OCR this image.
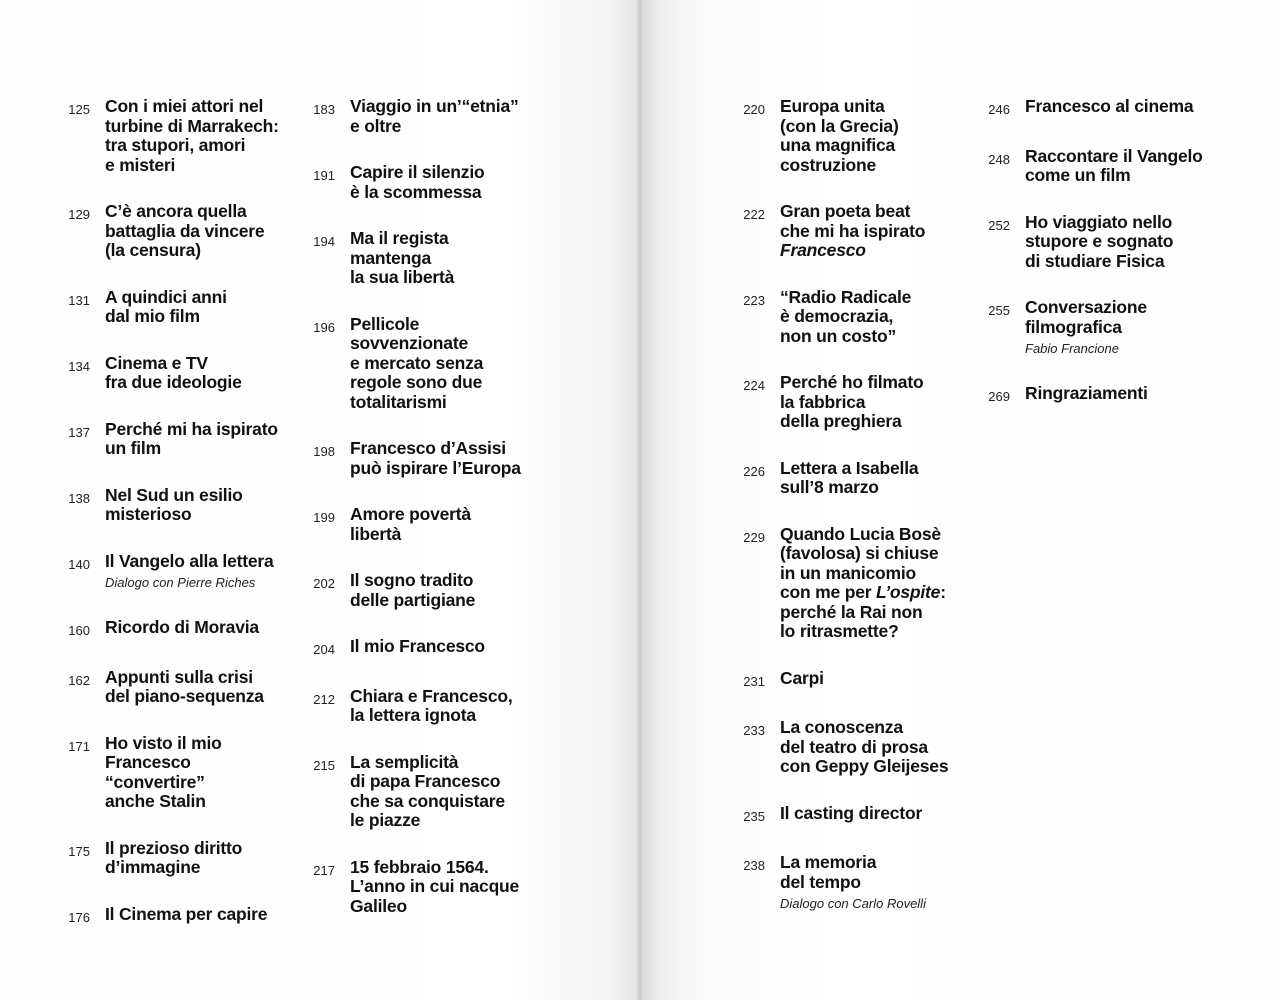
125 Con i miei attori nel
turbine di Marrakech:
tra stupori, amori
e misteri
129 C’è ancora quella
battaglia da vincere
(la censura)
131 A quindici anni
dal mio film
134 Cinema e TV
fra due ideologie
137 Perché mi ha ispirato
un film
138 Nel Sud un esilio
misterioso
140 Il Vangelo alla lettera
Dialogo con Pierre Riches
160 Ricordo di Moravia
162 Appunti sulla crisi
del piano-sequenza
171 Ho visto il mio
Francesco
“convertire”
anche Stalin
175 Il prezioso diritto
d’immagine
176 Il Cinema per capire
183 Viaggio in un’“etnia”
e oltre
191 Capire il silenzio
è la scommessa
194 Ma il regista
mantenga
la sua libertà
196 Pellicole
sovvenzionate
e mercato senza
regole sono due
totalitarismi
198 Francesco d’Assisi
può ispirare l’Europa
199 Amore povertà
libertà
202 Il sogno tradito
delle partigiane
204 Il mio Francesco
212 Chiara e Francesco,
la lettera ignota
215 La semplicità
di papa Francesco
che sa conquistare
le piazze
217 15 febbraio 1564.
L’anno in cui nacque
Galileo
220 Europa unita
(con la Grecia)
una magnifica
costruzione
222 Gran poeta beat
che mi ha ispirato
Francesco
223 “Radio Radicale
è democrazia,
non un costo”
224 Perché ho filmato
la fabbrica
della preghiera
226 Lettera a Isabella
sull’8 marzo
229 Quando Lucia Bosè
(favolosa) si chiuse
in un manicomio
con me per L’ospite:
perché la Rai non
lo ritrasmette?
231 Carpi
233 La conoscenza
del teatro di prosa
con Geppy Gleijeses
235 Il casting director
238 La memoria
del tempo
Dialogo con Carlo Rovelli
246 Francesco al cinema
248 Raccontare il Vangelo
come un film
252 Ho viaggiato nello
stupore e sognato
di studiare Fisica
255 Conversazione
filmografica
Fabio Francione
269 Ringraziamenti
